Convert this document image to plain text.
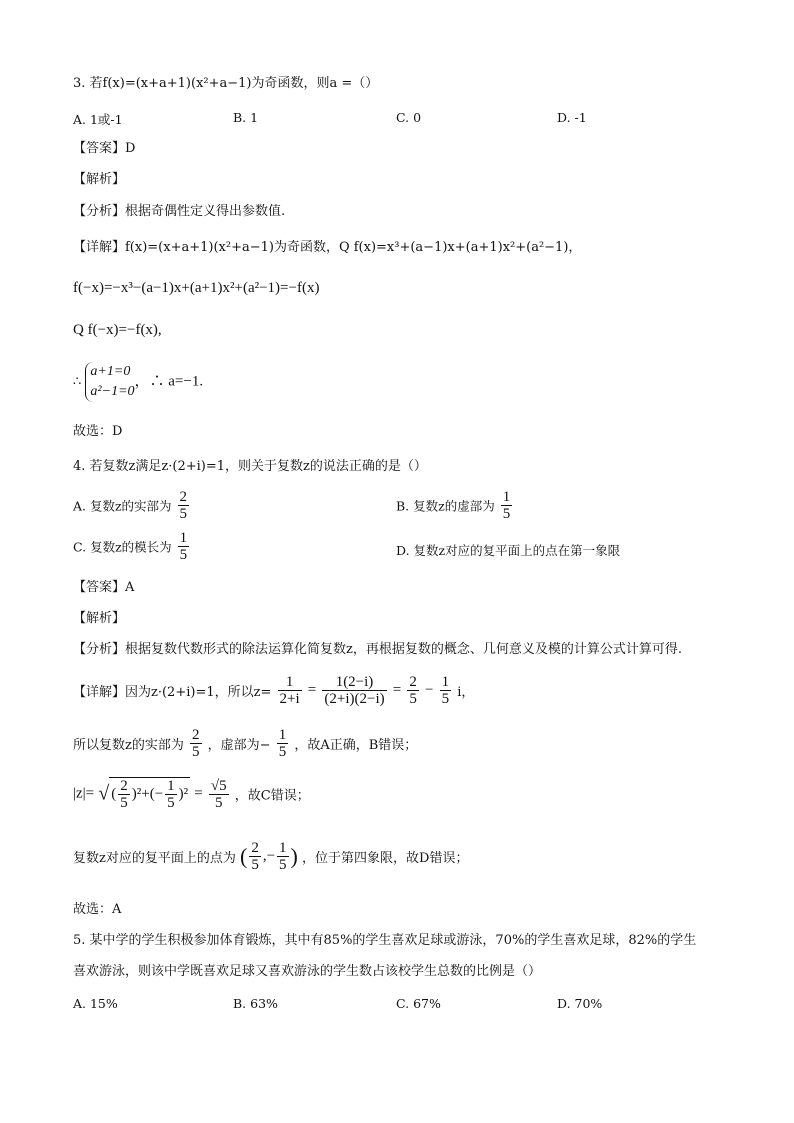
3. 若f(x)=(x+a+1)(x²+a−1)为奇函数，则a =（）
A. 1或-1	B. 1	C. 0	D. -1
【答案】D
【解析】
【分析】根据奇偶性定义得出参数值.
【详解】f(x)=(x+a+1)(x²+a−1)为奇函数，Q f(x)=x³+(a−1)x+(a+1)x²+(a²−1)，
f(−x)=−x³−(a−1)x+(a+1)x²+(a²−1)=−f(x)
Q f(−x)=−f(x),
∴
a+1=0
a²−1=0
，∴ a=−1.
故选：D
4. 若复数z满足z·(2+i)=1，则关于复数z的说法正确的是（）
A. 复数z的实部为 $\frac{2}{5}$	B. 复数z的虚部为 $\frac{1}{5}$
C. 复数z的模长为 $\frac{1}{5}$	D. 复数z对应的复平面上的点在第一象限
【答案】A
【解析】
【分析】根据复数代数形式的除法运算化简复数z，再根据复数的概念、几何意义及模的计算公式计算可得.
【详解】因为z·(2+i)=1，所以$z= \frac{1}{2+i} = \frac{1(2-i)}{(2+i)(2-i)} = \frac{2}{5} - \frac{1}{5}$ i，
所以复数z的实部为 $\frac{2}{5}$ ，虚部为− $\frac{1}{5}$ ，故A正确，B错误；
|z|= √ ( $\frac{2}{5} )^2+(- \frac{1}{5} )^2 = \frac{√5}{5}$ ，故C错误；
复数z对应的复平面上的点为 ( $\frac{2}{5}$ ,− $\frac{1}{5}$ ) ，位于第四象限，故D错误；
故选：A
5. 某中学的学生积极参加体育锻炼，其中有85%的学生喜欢足球或游泳，70%的学生喜欢足球，82%的学生
喜欢游泳，则该中学既喜欢足球又喜欢游泳的学生数占该校学生总数的比例是（）
A. 15%	B. 63%	C. 67%	D. 70%
